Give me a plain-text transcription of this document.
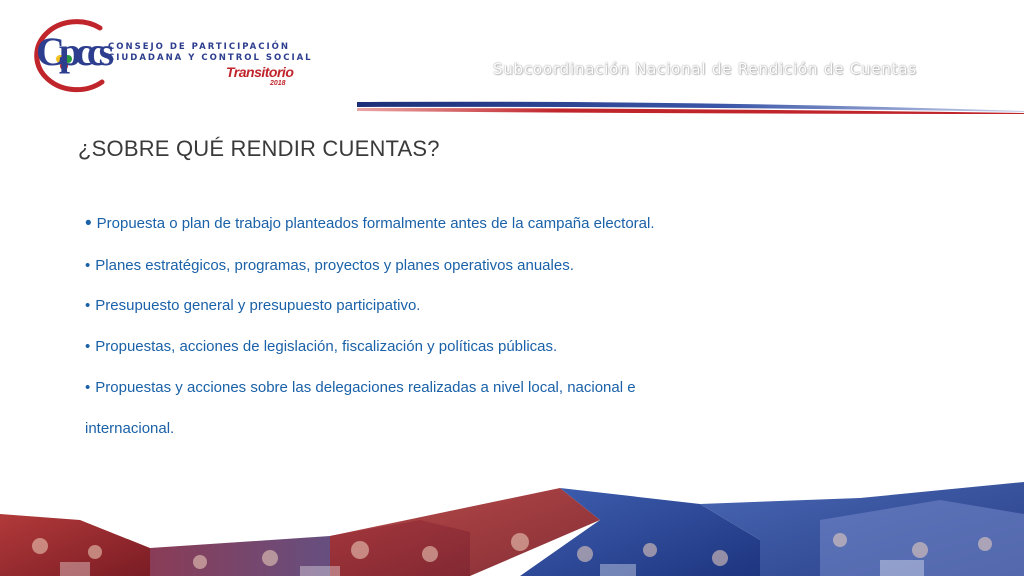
Cpccs CONSEJO DE PARTICIPACIÓN
CIUDADANA Y CONTROL SOCIAL
Transitorio
2018
Subcoordinación Nacional de Rendición de Cuentas
¿SOBRE QUÉ RENDIR CUENTAS?
• Propuesta o plan de trabajo planteados formalmente antes de la campaña electoral.
• Planes estratégicos, programas, proyectos y planes operativos anuales.
• Presupuesto general y presupuesto participativo.
• Propuestas, acciones de legislación, fiscalización y políticas públicas.
• Propuestas y acciones sobre las delegaciones realizadas a nivel local, nacional e
internacional.
